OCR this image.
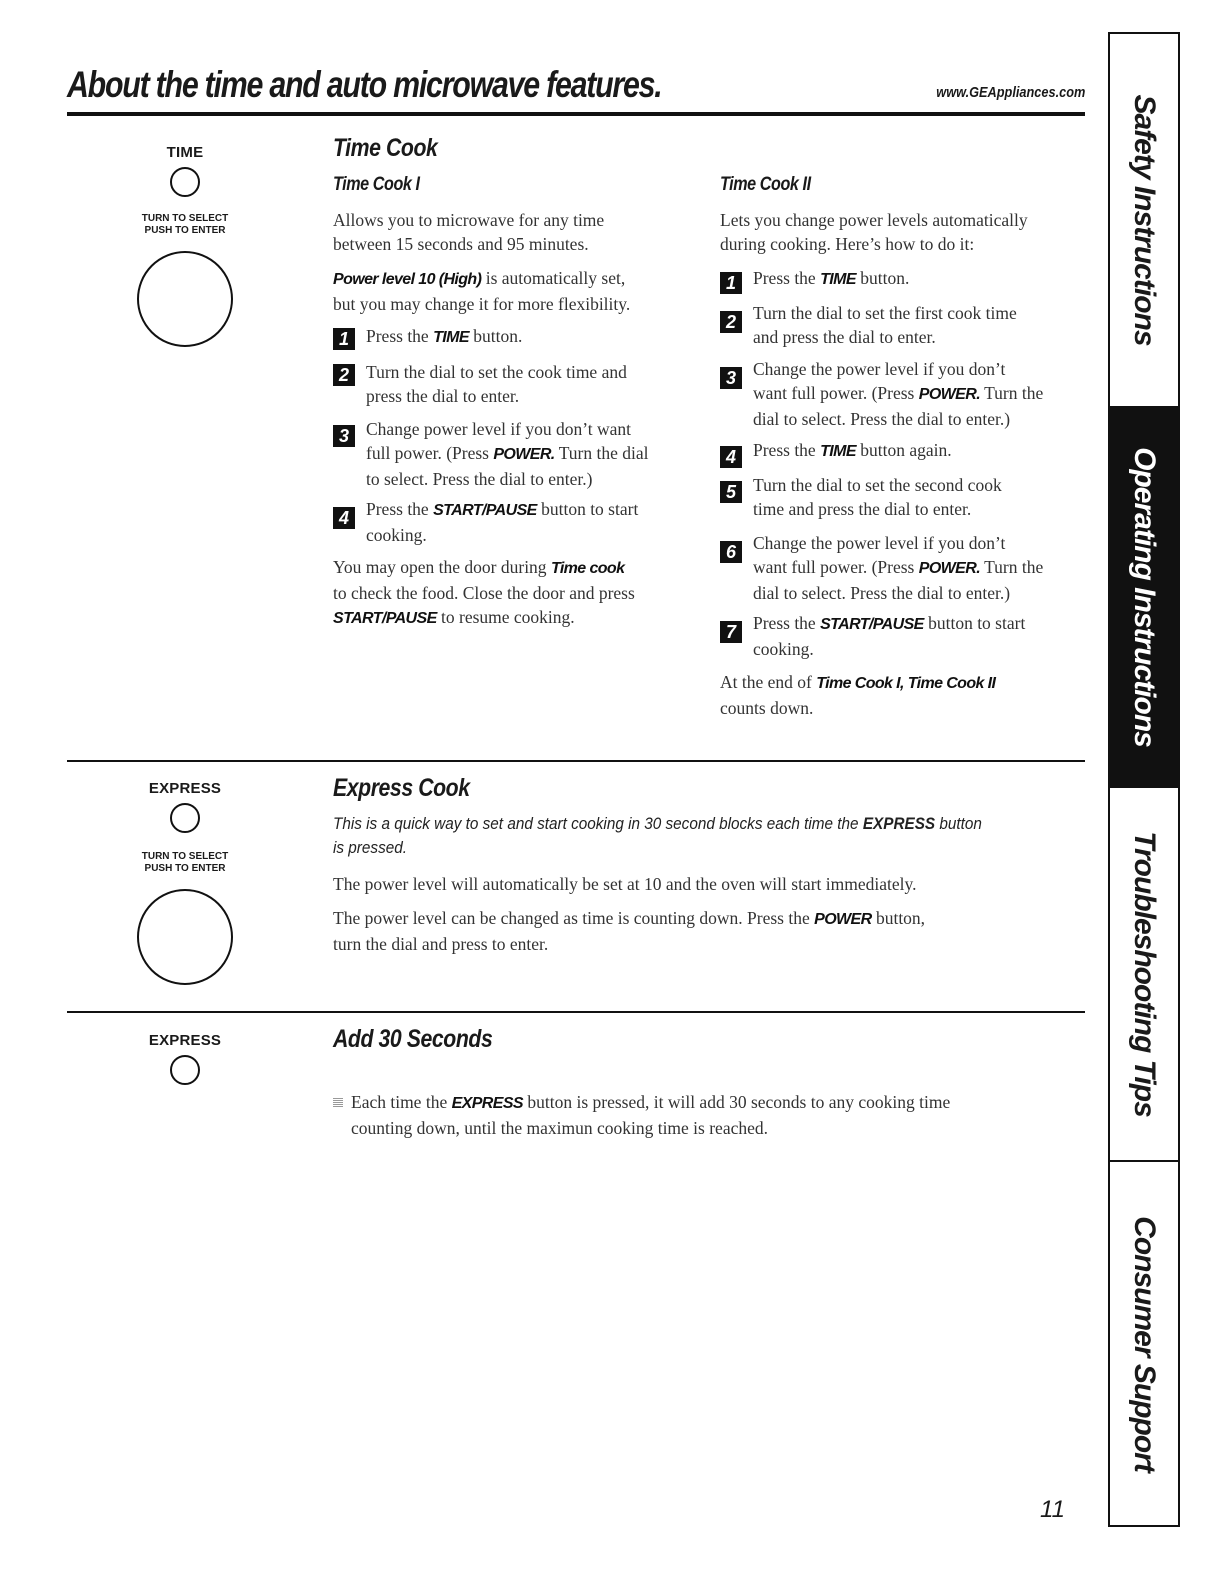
About the time and auto microwave features.	www.GEAppliances.com
TIME
TURN TO SELECT
PUSH TO ENTER
Time Cook
Time Cook I
Allows you to microwave for any time
between 15 seconds and 95 minutes.
Power level 10 (High) is automatically set,
but you may change it for more flexibility.
1 Press the TIME button.
2 Turn the dial to set the cook time and
press the dial to enter.
3 Change power level if you don’t want
full power. (Press POWER. Turn the dial
to select. Press the dial to enter.)
4 Press the START/PAUSE button to start
cooking.
You may open the door during Time cook
to check the food. Close the door and press
START/PAUSE to resume cooking.
Time Cook II
Lets you change power levels automatically
during cooking. Here’s how to do it:
1 Press the TIME button.
2 Turn the dial to set the first cook time
and press the dial to enter.
3 Change the power level if you don’t
want full power. (Press POWER. Turn the
dial to select. Press the dial to enter.)
4 Press the TIME button again.
5 Turn the dial to set the second cook
time and press the dial to enter.
6 Change the power level if you don’t
want full power. (Press POWER. Turn the
dial to select. Press the dial to enter.)
7 Press the START/PAUSE button to start
cooking.
At the end of Time Cook I, Time Cook II
counts down.
EXPRESS
TURN TO SELECT
PUSH TO ENTER
Express Cook
This is a quick way to set and start cooking in 30 second blocks each time the EXPRESS button
is pressed.
The power level will automatically be set at 10 and the oven will start immediately.
The power level can be changed as time is counting down. Press the POWER button,
turn the dial and press to enter.
EXPRESS	Add 30 Seconds
Each time the EXPRESS button is pressed, it will add 30 seconds to any cooking time
counting down, until the maximun cooking time is reached.
Safety Instructions
Operating Instructions
Troubleshooting Tips
Consumer Support
11
